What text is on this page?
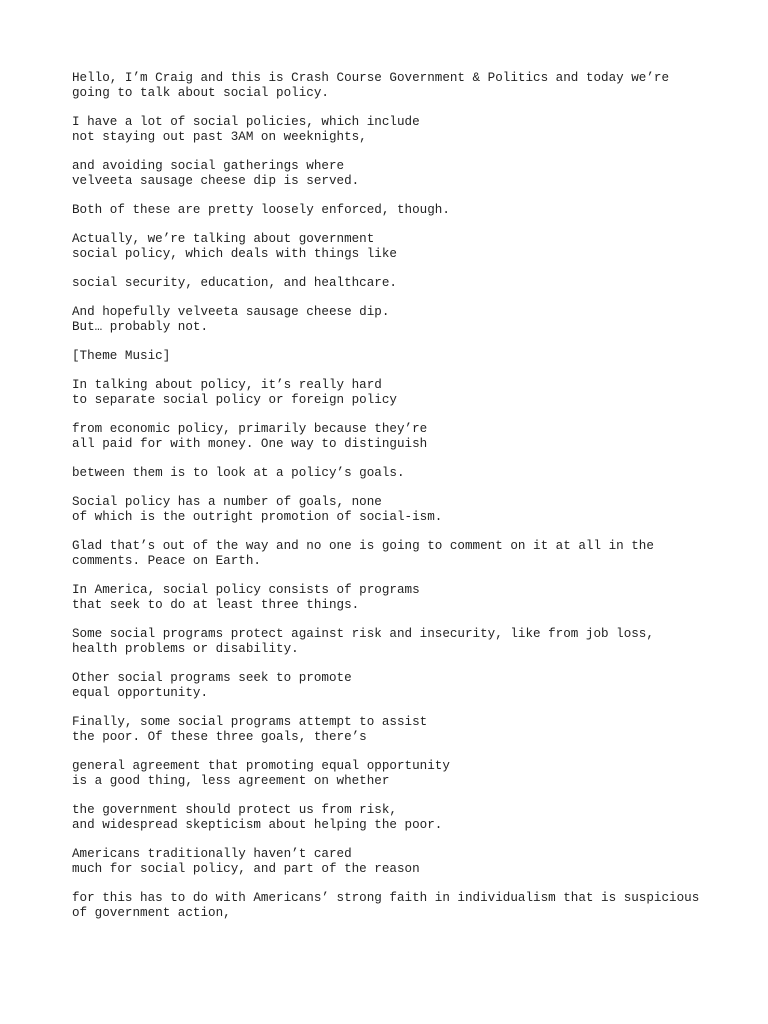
Hello, I’m Craig and this is Crash Course Government & Politics and today we’re
going to talk about social policy.
I have a lot of social policies, which include
not staying out past 3AM on weeknights,
and avoiding social gatherings where
velveeta sausage cheese dip is served.
Both of these are pretty loosely enforced, though.
Actually, we’re talking about government
social policy, which deals with things like
social security, education, and healthcare.
And hopefully velveeta sausage cheese dip.
But… probably not.
[Theme Music]
In talking about policy, it’s really hard
to separate social policy or foreign policy
from economic policy, primarily because they’re
all paid for with money. One way to distinguish
between them is to look at a policy’s goals.
Social policy has a number of goals, none
of which is the outright promotion of social-ism.
Glad that’s out of the way and no one is going to comment on it at all in the
comments. Peace on Earth.
In America, social policy consists of programs
that seek to do at least three things.
Some social programs protect against risk and insecurity, like from job loss,
health problems or disability.
Other social programs seek to promote
equal opportunity.
Finally, some social programs attempt to assist
the poor. Of these three goals, there’s
general agreement that promoting equal opportunity
is a good thing, less agreement on whether
the government should protect us from risk,
and widespread skepticism about helping the poor.
Americans traditionally haven’t cared
much for social policy, and part of the reason
for this has to do with Americans’ strong faith in individualism that is suspicious
of government action,
